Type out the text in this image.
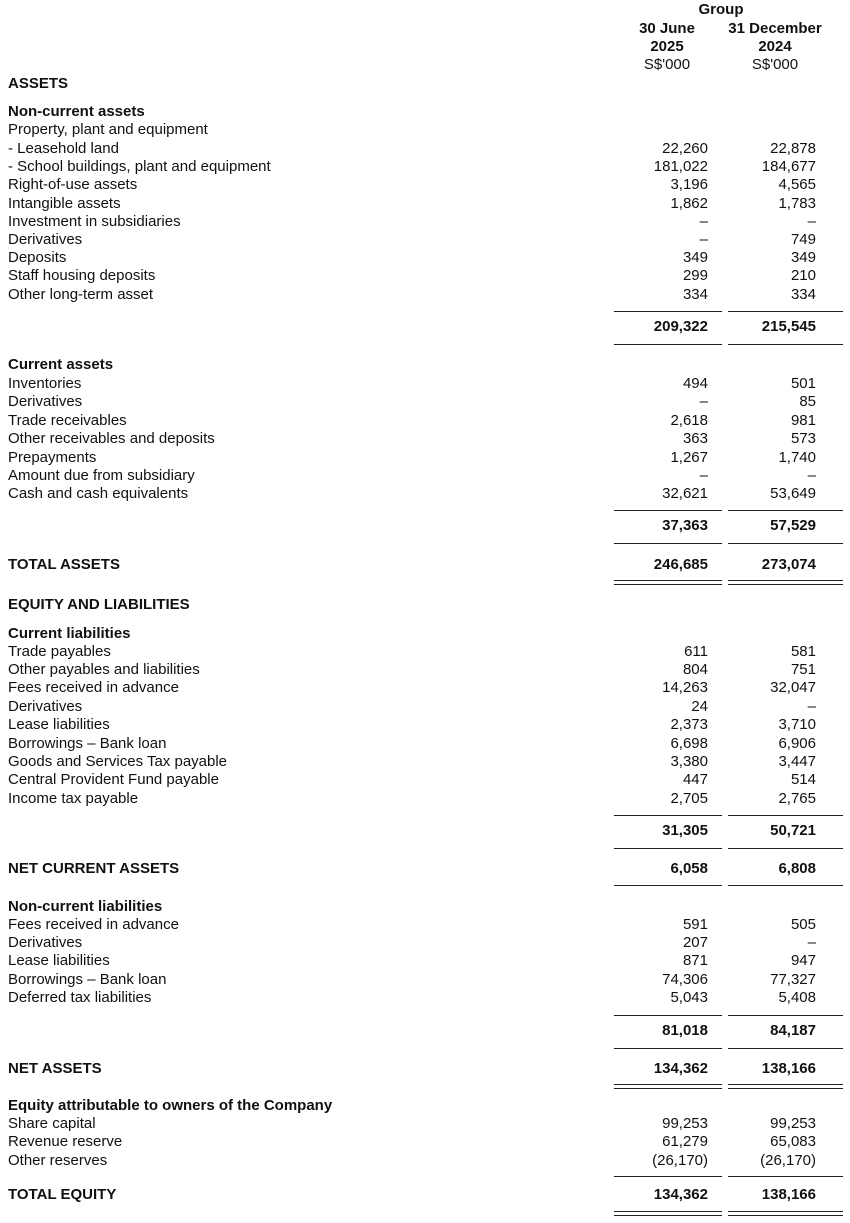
Group
30 June
2025
S$'000
31 December
2024
S$'000
ASSETS
Non-current assets
Property, plant and equipment
- Leasehold land	22,260	22,878
- School buildings, plant and equipment	181,022	184,677
Right-of-use assets	3,196	4,565
Intangible assets	1,862	1,783
Investment in subsidiaries	–	–
Derivatives	–	749
Deposits	349	349
Staff housing deposits	299	210
Other long-term asset	334	334
209,322	215,545
Current assets
Inventories	494	501
Derivatives	–	85
Trade receivables	2,618	981
Other receivables and deposits	363	573
Prepayments	1,267	1,740
Amount due from subsidiary	–	–
Cash and cash equivalents	32,621	53,649
37,363	57,529
TOTAL ASSETS	246,685	273,074
EQUITY AND LIABILITIES
Current liabilities
Trade payables	611	581
Other payables and liabilities	804	751
Fees received in advance	14,263	32,047
Derivatives	24	–
Lease liabilities	2,373	3,710
Borrowings – Bank loan	6,698	6,906
Goods and Services Tax payable	3,380	3,447
Central Provident Fund payable	447	514
Income tax payable	2,705	2,765
31,305	50,721
NET CURRENT ASSETS	6,058	6,808
Non-current liabilities
Fees received in advance	591	505
Derivatives	207	–
Lease liabilities	871	947
Borrowings – Bank loan	74,306	77,327
Deferred tax liabilities	5,043	5,408
81,018	84,187
NET ASSETS	134,362	138,166
Equity attributable to owners of the Company
Share capital	99,253	99,253
Revenue reserve	61,279	65,083
Other reserves	(26,170)	(26,170)
TOTAL EQUITY	134,362	138,166
